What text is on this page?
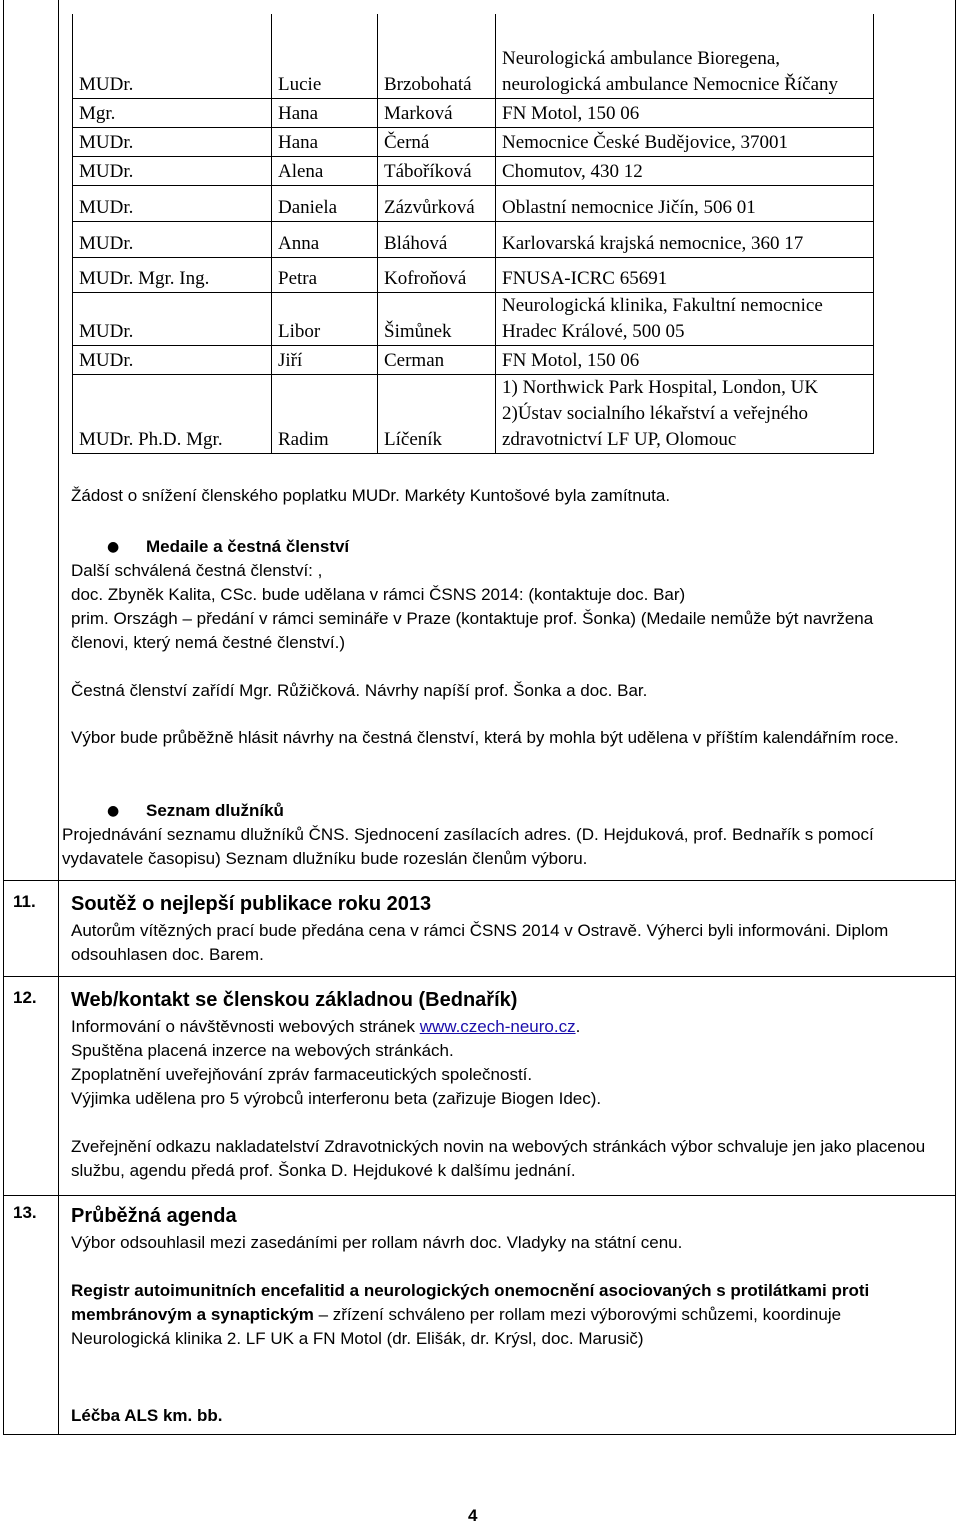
MUDr.	Lucie	Brzobohatá	Neurologická ambulance Bioregena, neurologická ambulance Nemocnice Říčany
Mgr.	Hana	Marková	FN Motol, 150 06
MUDr.	Hana	Černá	Nemocnice České Budějovice, 37001
MUDr.	Alena	Táboříková	Chomutov, 430 12
MUDr.	Daniela	Zázvůrková	Oblastní nemocnice Jičín, 506 01
MUDr.	Anna	Bláhová	Karlovarská krajská nemocnice, 360 17
MUDr. Mgr. Ing.	Petra	Kofroňová	FNUSA-ICRC 65691
MUDr.	Libor	Šimůnek	Neurologická klinika, Fakultní nemocnice Hradec Králové, 500 05
MUDr.	Jiří	Cerman	FN Motol, 150 06
MUDr. Ph.D. Mgr.	Radim	Líčeník	1) Northwick Park Hospital, London, UK 2)Ústav socialního lékařství a veřejného zdravotnictví LF UP, Olomouc
Žádost o snížení členského poplatku MUDr. Markéty Kuntošové byla zamítnuta.
● Medaile a čestná členství
Další schválená čestná členství: ,
doc. Zbyněk Kalita, CSc. bude udělana v rámci ČSNS 2014: (kontaktuje doc. Bar)
prim. Országh – předání v rámci semináře v Praze (kontaktuje prof. Šonka) (Medaile nemůže být navržena členovi, který nemá čestné členství.)
Čestná členství zařídí Mgr. Růžičková. Návrhy napíší prof. Šonka a doc. Bar.
Výbor bude průběžně hlásit návrhy na čestná členství, která by mohla být udělena v příštím kalendářním roce.
● Seznam dlužníků
Projednávání seznamu dlužníků ČNS. Sjednocení zasílacích adres. (D. Hejduková, prof. Bednařík s pomocí vydavatele časopisu) Seznam dlužníku bude rozeslán členům výboru.
11. Soutěž o nejlepší publikace roku 2013
Autorům vítězných prací bude předána cena v rámci ČSNS 2014 v Ostravě. Výherci byli informováni. Diplom odsouhlasen doc. Barem.
12. Web/kontakt se členskou základnou (Bednařík)
Informování o návštěvnosti webových stránek www.czech-neuro.cz.
Spuštěna placená inzerce na webových stránkách.
Zpoplatnění uveřejňování zpráv farmaceutických společností.
Výjimka udělena pro 5 výrobců interferonu beta (zařizuje Biogen Idec).
Zveřejnění odkazu nakladatelství Zdravotnických novin na webových stránkách výbor schvaluje jen jako placenou službu, agendu předá prof. Šonka D. Hejdukové k dalšímu jednání.
13. Průběžná agenda
Výbor odsouhlasil mezi zasedáními per rollam návrh doc. Vladyky na státní cenu.
Registr autoimunitních encefalitid a neurologických onemocnění asociovaných s protilátkami proti membránovým a synaptickým – zřízení schváleno per rollam mezi výborovými schůzemi, koordinuje Neurologická klinika 2. LF UK a FN Motol (dr. Elišák, dr. Krýsl, doc. Marusič)
Léčba ALS km. bb.
4
